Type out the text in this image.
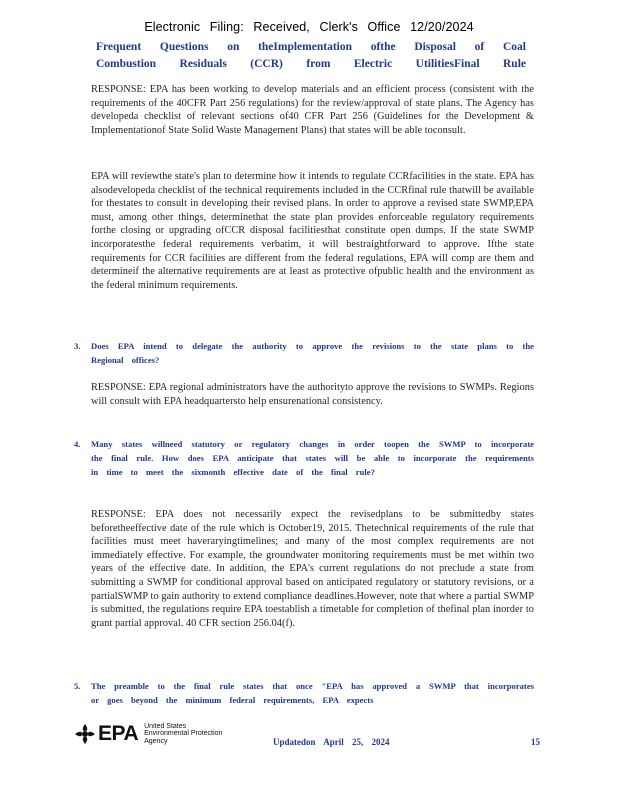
Electronic Filing: Received, Clerk's Office 12/20/2024
Frequent Questions on theImplementation ofthe Disposal of Coal
Combustion Residuals (CCR) from Electric UtilitiesFinal Rule
RESPONSE: EPA has been working to develop materials and an efficient process (consistent with the requirements of the 40CFR Part 256 regulations) for the review/approval of state plans. The Agency has developeda checklist of relevant sections of40 CFR Part 256 (Guidelines for the Development & Implementationof State Solid Waste Management Plans) that states will be able toconsult.
EPA will reviewthe state's plan to determine how it intends to regulate CCRfacilities in the state. EPA has alsodevelopeda checklist of the technical requirements included in the CCRfinal rule thatwill be available for thestates to consult in developing their revised plans. In order to approve a revised state SWMP,EPA must, among other things, determinethat the state plan provides enforceable regulatory requirements forthe closing or upgrading ofCCR disposal facilitiesthat constitute open dumps. If the state SWMP incorporatesthe federal requirements verbatim, it will bestraightforward to approve. Ifthe state requirements for CCR facilities are different from the federal regulations, EPA will comp are them and determineif the alternative requirements are at least as protective ofpublic health and the environment as the federal minimum requirements.
3. Does EPA intend to delegate the authority to approve the revisions to the state plans to the Regional offices?
RESPONSE: EPA regional administrators have the authorityto approve the revisions to SWMPs. Regions will consult with EPA headquartersto help ensurenational consistency.
4. Many states willneed statutory or regulatory changes in order toopen the SWMP to incorporate the final rule. How does EPA anticipate that states will be able to incorporate the requirements in time to meet the sixmonth effective date of the final rule?
RESPONSE: EPA does not necessarily expect the revisedplans to be submittedby states beforetheeffective date of the rule which is October19, 2015. Thetechnical requirements of the rule that facilities must meet haveraryingtimelines; and many of the most complex requirements are not immediately effective. For example, the groundwater monitoring requirements must be met within two years of the effective date. In addition, the EPA's current regulations do not preclude a state from submitting a SWMP for conditional approval based on anticipated regulatory or statutory revisions, or a partialSWMP to gain authority to extend compliance deadlines.However, note that where a partial SWMP is submitted, the regulations require EPA toestablish a timetable for completion of thefinal plan inorder to grant partial approval. 40 CFR section 256.04(f).
5. The preamble to the final rule states that once "EPA has approved a SWMP that incorporates or goes beyond the minimum federal requirements, EPA expects
EPA United States
Environmental Protection
Agency	Updatedon April 25, 2024	15
